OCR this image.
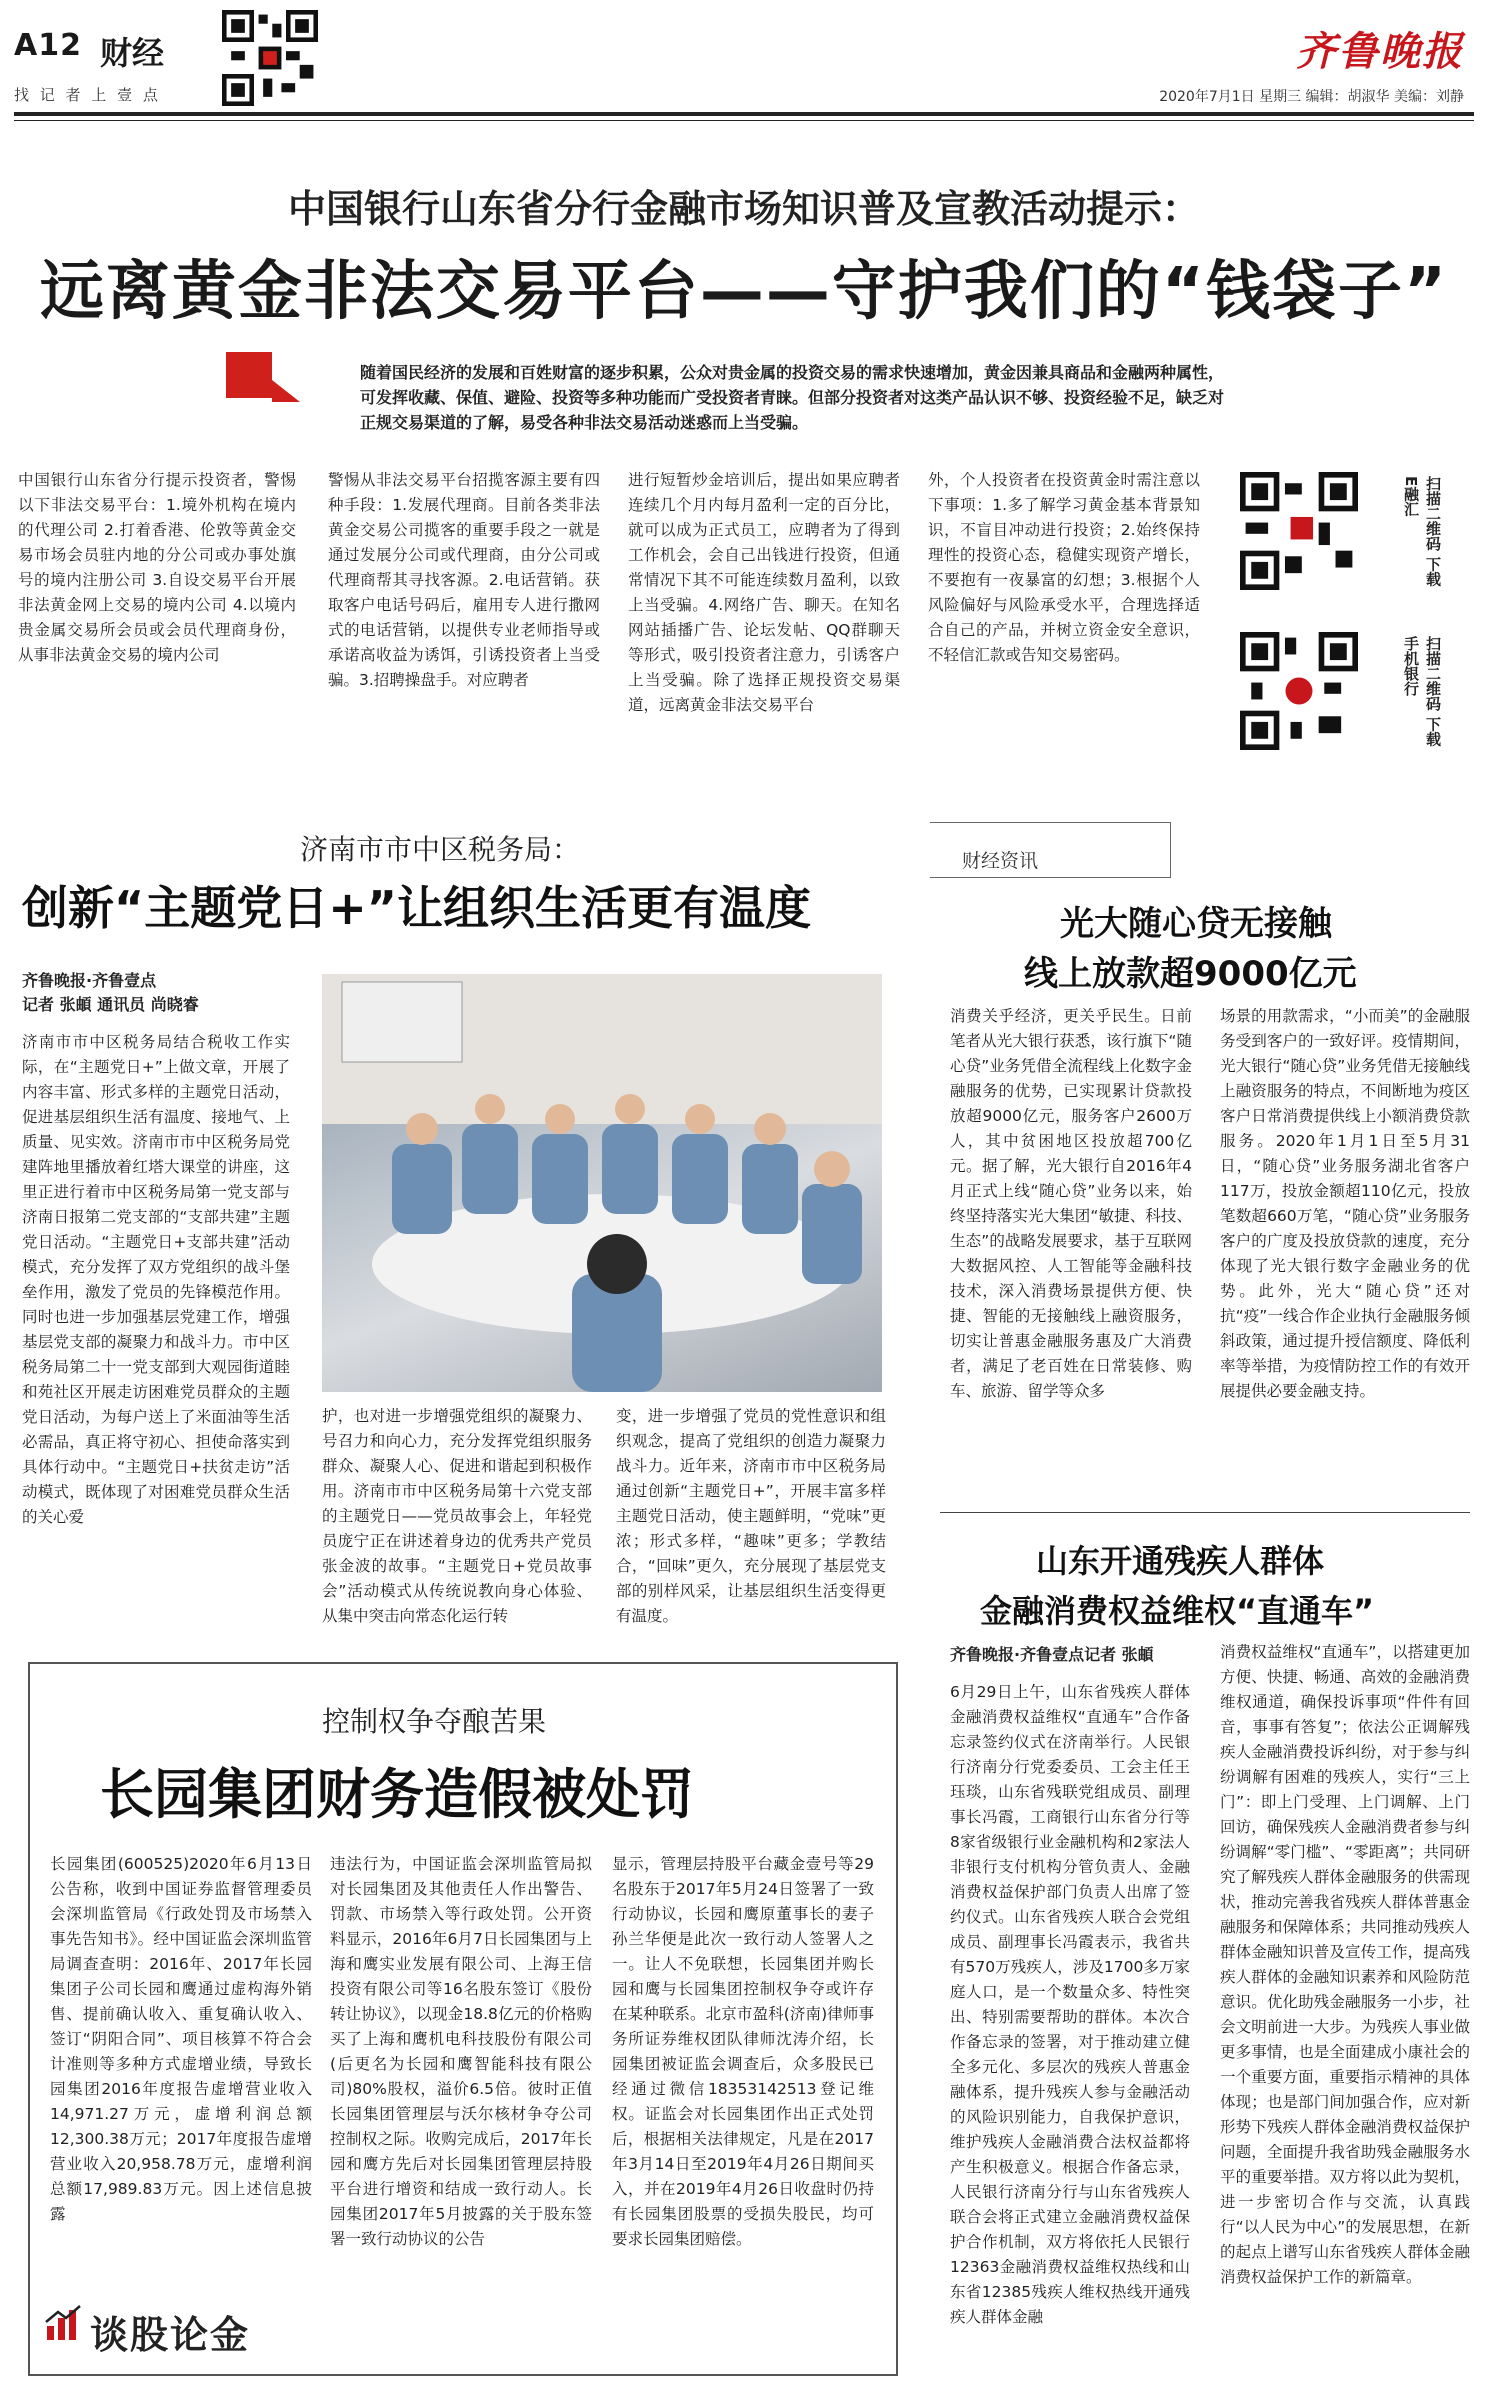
A12 财经
找 记 者 上 壹 点
齐鲁晚报
2020年7月1日 星期三 编辑：胡淑华 美编：刘静
中国银行山东省分行金融市场知识普及宣教活动提示：
远离黄金非法交易平台——守护我们的“钱袋子”
随着国民经济的发展和百姓财富的逐步积累，公众对贵金属的投资交易的需求快速增加，黄金因兼具商品和金融两种属性，可发挥收藏、保值、避险、投资等多种功能而广受投资者青睐。但部分投资者对这类产品认识不够、投资经验不足，缺乏对正规交易渠道的了解，易受各种非法交易活动迷惑而上当受骗。
中国银行山东省分行提示投资者，警惕以下非法交易平台：1.境外机构在境内的代理公司 2.打着香港、伦敦等黄金交易市场会员驻内地的分公司或办事处旗号的境内注册公司 3.自设交易平台开展非法黄金网上交易的境内公司 4.以境内贵金属交易所会员或会员代理商身份，从事非法黄金交易的境内公司
警惕从非法交易平台招揽客源主要有四种手段：1.发展代理商。目前各类非法黄金交易公司揽客的重要手段之一就是通过发展分公司或代理商，由分公司或代理商帮其寻找客源。2.电话营销。获取客户电话号码后，雇用专人进行撒网式的电话营销，以提供专业老师指导或承诺高收益为诱饵，引诱投资者上当受骗。3.招聘操盘手。对应聘者
进行短暂炒金培训后，提出如果应聘者连续几个月内每月盈利一定的百分比，就可以成为正式员工，应聘者为了得到工作机会，会自己出钱进行投资，但通常情况下其不可能连续数月盈利，以致上当受骗。4.网络广告、聊天。在知名网站插播广告、论坛发帖、QQ群聊天等形式，吸引投资者注意力，引诱客户上当受骗。除了选择正规投资交易渠道，远离黄金非法交易平台
外，个人投资者在投资黄金时需注意以下事项：1.多了解学习黄金基本背景知识，不盲目冲动进行投资；2.始终保持理性的投资心态，稳健实现资产增长，不要抱有一夜暴富的幻想；3.根据个人风险偏好与风险承受水平，合理选择适合自己的产品，并树立资金安全意识，不轻信汇款或告知交易密码。
扫描二维码 下载E融汇
扫描二维码 下载手机银行
济南市市中区税务局：
创新“主题党日+”让组织生活更有温度
齐鲁晚报·齐鲁壹点
记者 张頔 通讯员 尚晓睿
济南市市中区税务局结合税收工作实际，在“主题党日+”上做文章，开展了内容丰富、形式多样的主题党日活动，促进基层组织生活有温度、接地气、上质量、见实效。济南市市中区税务局党建阵地里播放着红塔大课堂的讲座，这里正进行着市中区税务局第一党支部与济南日报第二党支部的“支部共建”主题党日活动。“主题党日+支部共建”活动模式，充分发挥了双方党组织的战斗堡垒作用，激发了党员的先锋模范作用。同时也进一步加强基层党建工作，增强基层党支部的凝聚力和战斗力。市中区税务局第二十一党支部到大观园街道睦和苑社区开展走访困难党员群众的主题党日活动，为每户送上了米面油等生活必需品，真正将守初心、担使命落实到具体行动中。“主题党日+扶贫走访”活动模式，既体现了对困难党员群众生活的关心爱
护，也对进一步增强党组织的凝聚力、号召力和向心力，充分发挥党组织服务群众、凝聚人心、促进和谐起到积极作用。济南市市中区税务局第十六党支部的主题党日——党员故事会上，年轻党员庞宁正在讲述着身边的优秀共产党员张金波的故事。“主题党日+党员故事会”活动模式从传统说教向身心体验、从集中突击向常态化运行转
变，进一步增强了党员的党性意识和组织观念，提高了党组织的创造力凝聚力战斗力。近年来，济南市市中区税务局通过创新“主题党日+”，开展丰富多样主题党日活动，使主题鲜明，“党味”更浓；形式多样，“趣味”更多；学教结合，“回味”更久，充分展现了基层党支部的别样风采，让基层组织生活变得更有温度。
财经资讯
光大随心贷无接触
线上放款超9000亿元
消费关乎经济，更关乎民生。日前笔者从光大银行获悉，该行旗下“随心贷”业务凭借全流程线上化数字金融服务的优势，已实现累计贷款投放超9000亿元，服务客户2600万人，其中贫困地区投放超700亿元。据了解，光大银行自2016年4月正式上线“随心贷”业务以来，始终坚持落实光大集团“敏捷、科技、生态”的战略发展要求，基于互联网大数据风控、人工智能等金融科技技术，深入消费场景提供方便、快捷、智能的无接触线上融资服务，切实让普惠金融服务惠及广大消费者，满足了老百姓在日常装修、购车、旅游、留学等众多
场景的用款需求，“小而美”的金融服务受到客户的一致好评。疫情期间，光大银行“随心贷”业务凭借无接触线上融资服务的特点，不间断地为疫区客户日常消费提供线上小额消费贷款服务。2020年1月1日至5月31日，“随心贷”业务服务湖北省客户117万，投放金额超110亿元，投放笔数超660万笔，“随心贷”业务服务客户的广度及投放贷款的速度，充分体现了光大银行数字金融业务的优势。此外，光大“随心贷”还对抗“疫”一线合作企业执行金融服务倾斜政策，通过提升授信额度、降低利率等举措，为疫情防控工作的有效开展提供必要金融支持。
山东开通残疾人群体
金融消费权益维权“直通车”
齐鲁晚报·齐鲁壹点记者 张頔
6月29日上午，山东省残疾人群体金融消费权益维权“直通车”合作备忘录签约仪式在济南举行。人民银行济南分行党委委员、工会主任王珏琰，山东省残联党组成员、副理事长冯霞，工商银行山东省分行等8家省级银行业金融机构和2家法人非银行支付机构分管负责人、金融消费权益保护部门负责人出席了签约仪式。山东省残疾人联合会党组成员、副理事长冯霞表示，我省共有570万残疾人，涉及1700多万家庭人口，是一个数量众多、特性突出、特别需要帮助的群体。本次合作备忘录的签署，对于推动建立健全多元化、多层次的残疾人普惠金融体系，提升残疾人参与金融活动的风险识别能力，自我保护意识，维护残疾人金融消费合法权益都将产生积极意义。根据合作备忘录，人民银行济南分行与山东省残疾人联合会将正式建立金融消费权益保护合作机制，双方将依托人民银行12363金融消费权益维权热线和山东省12385残疾人维权热线开通残疾人群体金融
消费权益维权“直通车”，以搭建更加方便、快捷、畅通、高效的金融消费维权通道，确保投诉事项“件件有回音，事事有答复”；依法公正调解残疾人金融消费投诉纠纷，对于参与纠纷调解有困难的残疾人，实行“三上门”：即上门受理、上门调解、上门回访，确保残疾人金融消费者参与纠纷调解“零门槛”、“零距离”；共同研究了解残疾人群体金融服务的供需现状，推动完善我省残疾人群体普惠金融服务和保障体系；共同推动残疾人群体金融知识普及宣传工作，提高残疾人群体的金融知识素养和风险防范意识。优化助残金融服务一小步，社会文明前进一大步。为残疾人事业做更多事情，也是全面建成小康社会的一个重要方面，重要指示精神的具体体现；也是部门间加强合作，应对新形势下残疾人群体金融消费权益保护问题，全面提升我省助残金融服务水平的重要举措。双方将以此为契机，进一步密切合作与交流，认真践行“以人民为中心”的发展思想，在新的起点上谱写山东省残疾人群体金融消费权益保护工作的新篇章。
控制权争夺酿苦果
长园集团财务造假被处罚
长园集团(600525)2020年6月13日公告称，收到中国证券监督管理委员会深圳监管局《行政处罚及市场禁入事先告知书》。经中国证监会深圳监管局调查查明：2016年、2017年长园集团子公司长园和鹰通过虚构海外销售、提前确认收入、重复确认收入、签订“阴阳合同”、项目核算不符合会计准则等多种方式虚增业绩，导致长园集团2016年度报告虚增营业收入14,971.27万元，虚增利润总额12,300.38万元；2017年度报告虚增营业收入20,958.78万元，虚增利润总额17,989.83万元。因上述信息披露
违法行为，中国证监会深圳监管局拟对长园集团及其他责任人作出警告、罚款、市场禁入等行政处罚。公开资料显示，2016年6月7日长园集团与上海和鹰实业发展有限公司、上海王信投资有限公司等16名股东签订《股份转让协议》，以现金18.8亿元的价格购买了上海和鹰机电科技股份有限公司(后更名为长园和鹰智能科技有限公司)80%股权，溢价6.5倍。彼时正值长园集团管理层与沃尔核材争夺公司控制权之际。收购完成后，2017年长园和鹰方先后对长园集团管理层持股平台进行增资和结成一致行动人。长园集团2017年5月披露的关于股东签署一致行动协议的公告
显示，管理层持股平台藏金壹号等29名股东于2017年5月24日签署了一致行动协议，长园和鹰原董事长的妻子孙兰华便是此次一致行动人签署人之一。让人不免联想，长园集团并购长园和鹰与长园集团控制权争夺或许存在某种联系。北京市盈科(济南)律师事务所证券维权团队律师沈涛介绍，长园集团被证监会调查后，众多股民已经通过微信18353142513登记维权。证监会对长园集团作出正式处罚后，根据相关法律规定，凡是在2017年3月14日至2019年4月26日期间买入，并在2019年4月26日收盘时仍持有长园集团股票的受损失股民，均可要求长园集团赔偿。
谈股论金
